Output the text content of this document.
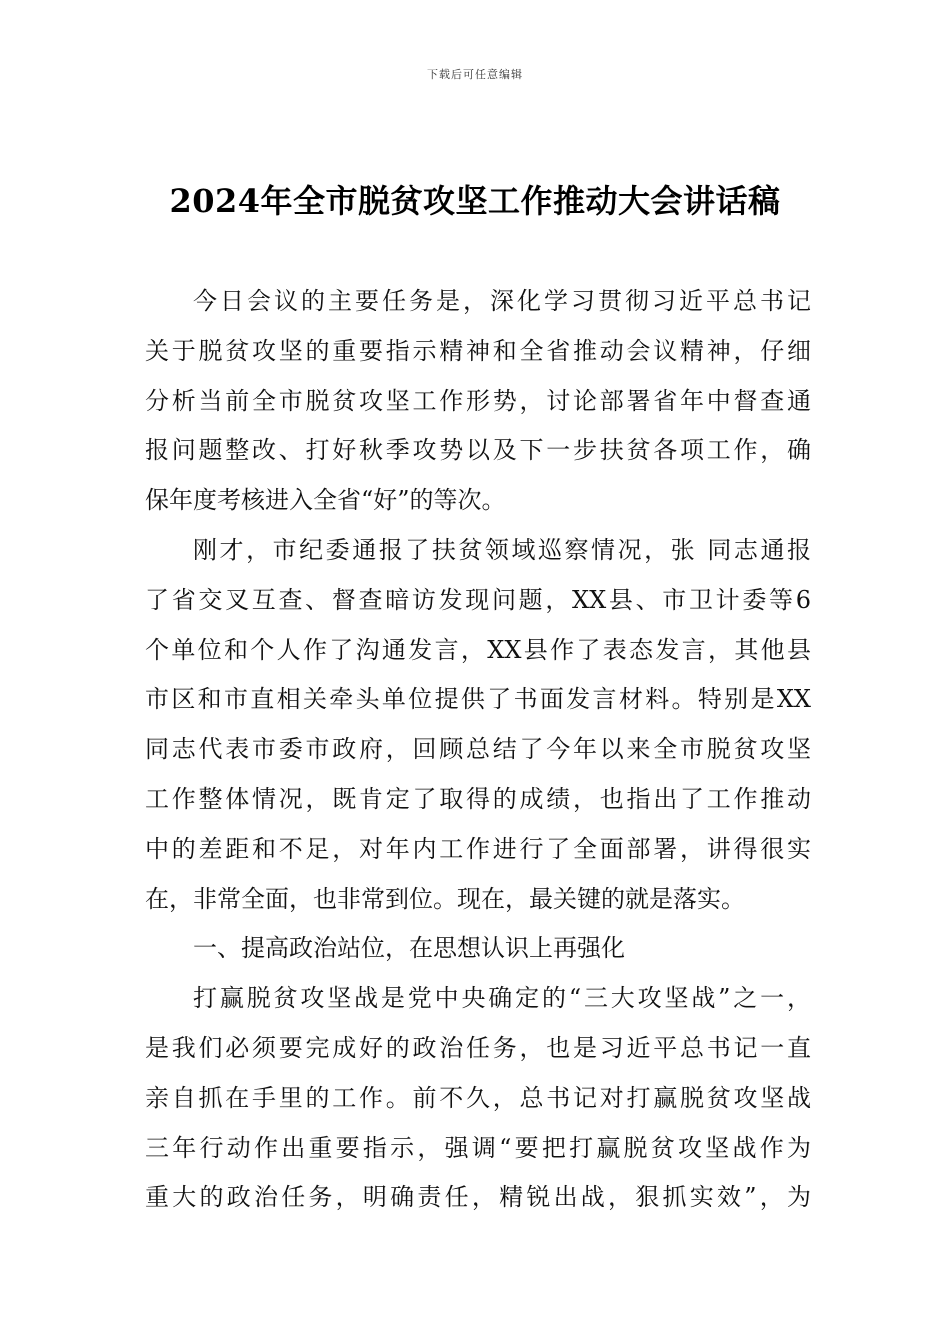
下载后可任意编辑
2024年全市脱贫攻坚工作推动大会讲话稿
今日会议的主要任务是，深化学习贯彻习近平总书记
关于脱贫攻坚的重要指示精神和全省推动会议精神，仔细
分析当前全市脱贫攻坚工作形势，讨论部署省年中督查通
报问题整改、打好秋季攻势以及下一步扶贫各项工作，确
保年度考核进入全省“好”的等次。
刚才，市纪委通报了扶贫领域巡察情况，张 同志通报
了省交叉互查、督查暗访发现问题，XX县、市卫计委等6
个单位和个人作了沟通发言，XX县作了表态发言，其他县
市区和市直相关牵头单位提供了书面发言材料。特别是XX
同志代表市委市政府，回顾总结了今年以来全市脱贫攻坚
工作整体情况，既肯定了取得的成绩，也指出了工作推动
中的差距和不足，对年内工作进行了全面部署，讲得很实
在，非常全面，也非常到位。现在，最关键的就是落实。
一、提高政治站位，在思想认识上再强化
打赢脱贫攻坚战是党中央确定的“三大攻坚战”之一，
是我们必须要完成好的政治任务，也是习近平总书记一直
亲自抓在手里的工作。前不久，总书记对打赢脱贫攻坚战
三年行动作出重要指示，强调“要把打赢脱贫攻坚战作为
重大的政治任务，明确责任，精锐出战，狠抓实效”，为
